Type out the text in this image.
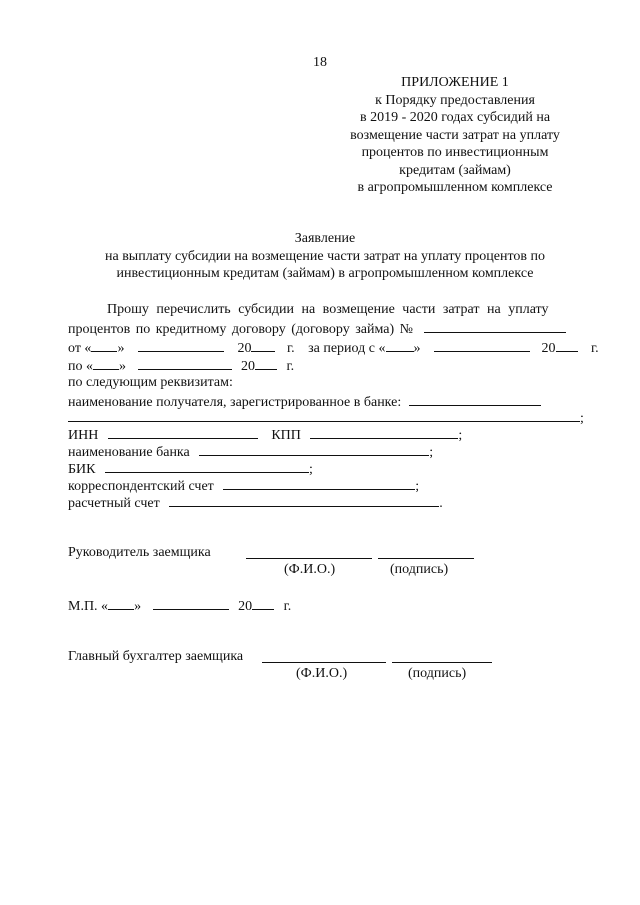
18
ПРИЛОЖЕНИЕ 1
к Порядку предоставления
в 2019 - 2020 годах субсидий на
возмещение части затрат на уплату
процентов по инвестиционным
кредитам (займам)
в агропромышленном комплексе
Заявление
на выплату субсидии на возмещение части затрат на уплату процентов по
инвестиционным кредитам (займам) в агропромышленном комплексе
Прошу перечислить субсидии на возмещение части затрат на уплату
процентов по кредитному договору (договору займа) №
от « »	20	г. за период с « »	20	г.
по « »	20 г.
по следующим реквизитам:
наименование получателя, зарегистрированное в банке:
;
ИНН	КПП	;
наименование банка	;
БИК	;
корреспондентский счет	;
расчетный счет	.
Руководитель заемщика
(Ф.И.О.)	(подпись)
М.П. « »	20 г.
Главный бухгалтер заемщика
(Ф.И.О.)	(подпись)
